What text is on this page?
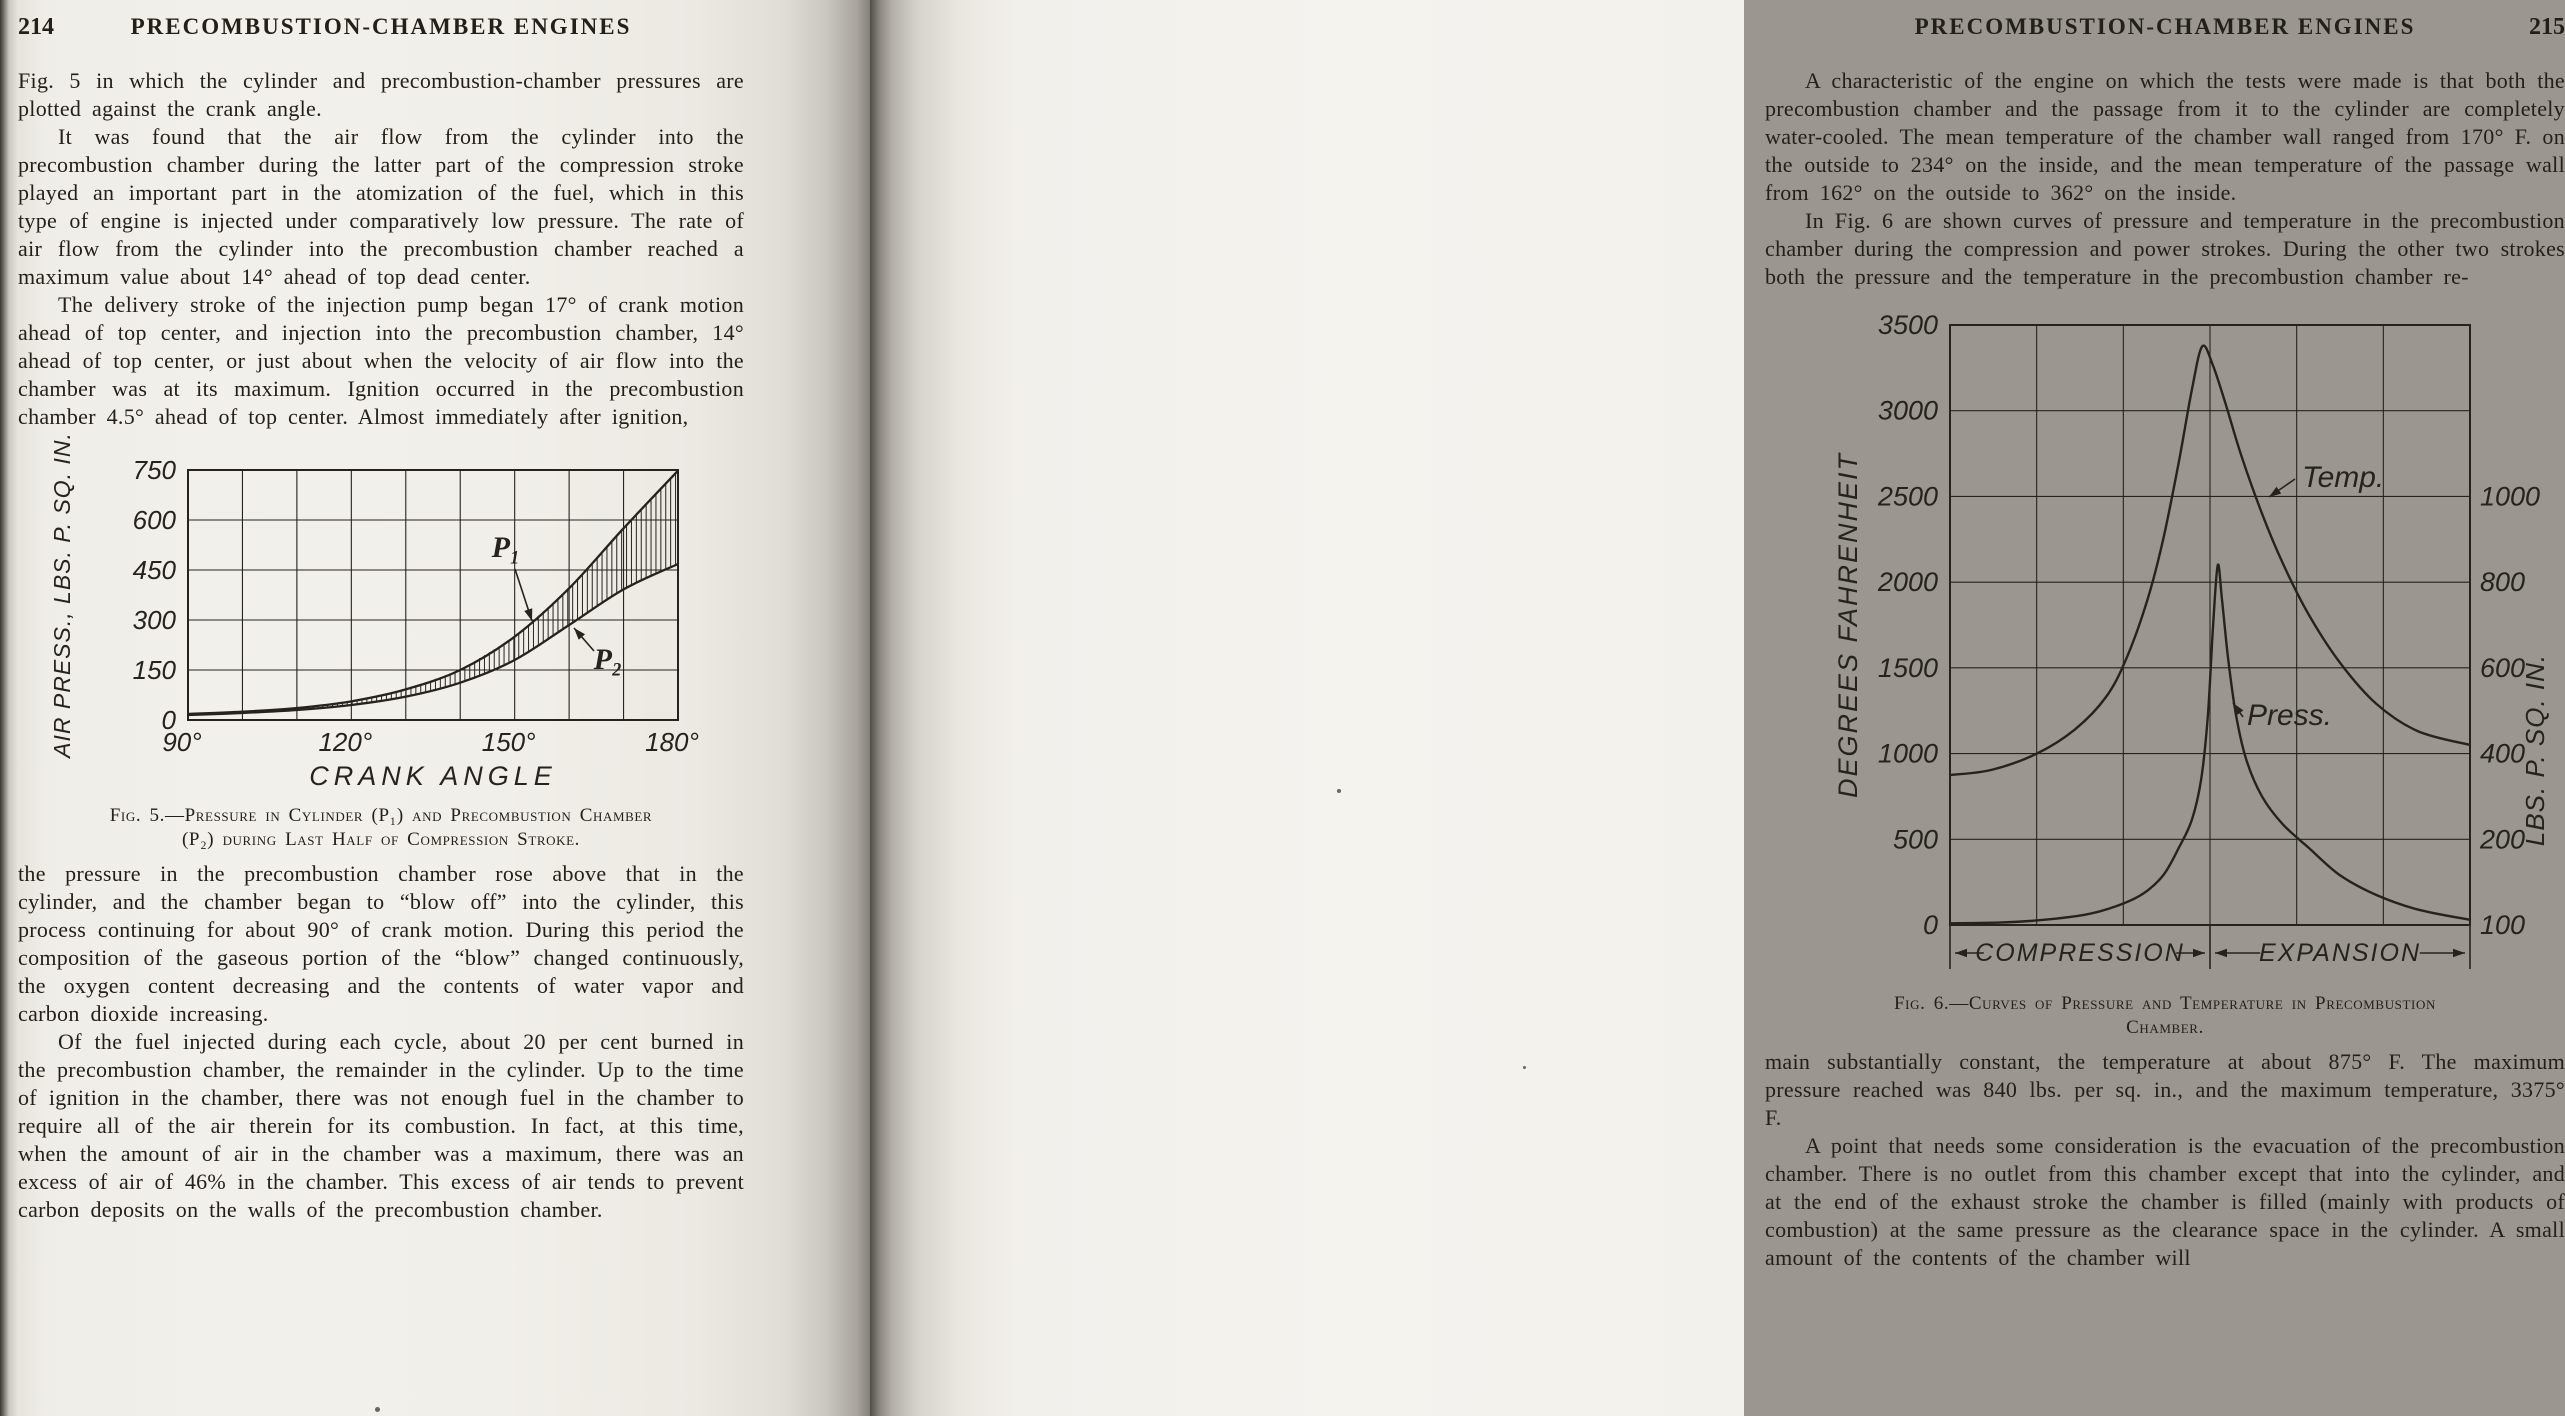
214	PRECOMBUSTION-CHAMBER ENGINES

Fig. 5 in which the cylinder and precombustion-chamber pressures are plotted against the crank angle.

It was found that the air flow from the cylinder into the precombustion chamber during the latter part of the compression stroke played an important part in the atomization of the fuel, which in this type of engine is injected under comparatively low pressure. The rate of air flow from the cylinder into the precombustion chamber reached a maximum value about 14° ahead of top dead center.

The delivery stroke of the injection pump began 17° of crank motion ahead of top center, and injection into the precombustion chamber, 14° ahead of top center, or just about when the velocity of air flow into the chamber was at its maximum. Ignition occurred in the precombustion chamber 4.5° ahead of top center. Almost immediately after ignition,

P₁
P₂
0
150
300
450
600
750
AIR PRESS., LBS. P. SQ. IN.	90°	120°	150°	180°
CRANK ANGLE
Fig. 5.—Pressure in Cylinder (P₁) and Precombustion Chamber
(P₂) during Last Half of Compression Stroke.

the pressure in the precombustion chamber rose above that in the cylinder, and the chamber began to “blow off” into the cylinder, this process continuing for about 90° of crank motion. During this period the composition of the gaseous portion of the “blow” changed continuously, the oxygen content decreasing and the contents of water vapor and carbon dioxide increasing.

Of the fuel injected during each cycle, about 20 per cent burned in the precombustion chamber, the remainder in the cylinder. Up to the time of ignition in the chamber, there was not enough fuel in the chamber to require all of the air therein for its combustion. In fact, at this time, when the amount of air in the chamber was a maximum, there was an excess of air of 46% in the chamber. This excess of air tends to prevent carbon deposits on the walls of the precombustion chamber.

PRECOMBUSTION-CHAMBER ENGINES	215

A characteristic of the engine on which the tests were made is that both the precombustion chamber and the passage from it to the cylinder are completely water-cooled. The mean temperature of the chamber wall ranged from 170° F. on the outside to 234° on the inside, and the mean temperature of the passage wall from 162° on the outside to 362° on the inside.

In Fig. 6 are shown curves of pressure and temperature in the precombustion chamber during the compression and power strokes. During the other two strokes both the pressure and the temperature in the precombustion chamber re-

Temp.
Press.
0
500
1000
1500
2000
2500
3000
3500
DEGREES FAHRENHEIT
100
200
400
600
800
1000
LBS. P. SQ. IN.
COMPRESSION	EXPANSION
Fig. 6.—Curves of Pressure and Temperature in Precombustion
Chamber.

main substantially constant, the temperature at about 875° F. The maximum pressure reached was 840 lbs. per sq. in., and the maximum temperature, 3375° F.

A point that needs some consideration is the evacuation of the precombustion chamber. There is no outlet from this chamber except that into the cylinder, and at the end of the exhaust stroke the chamber is filled (mainly with products of combustion) at the same pressure as the clearance space in the cylinder. A small amount of the contents of the chamber will
